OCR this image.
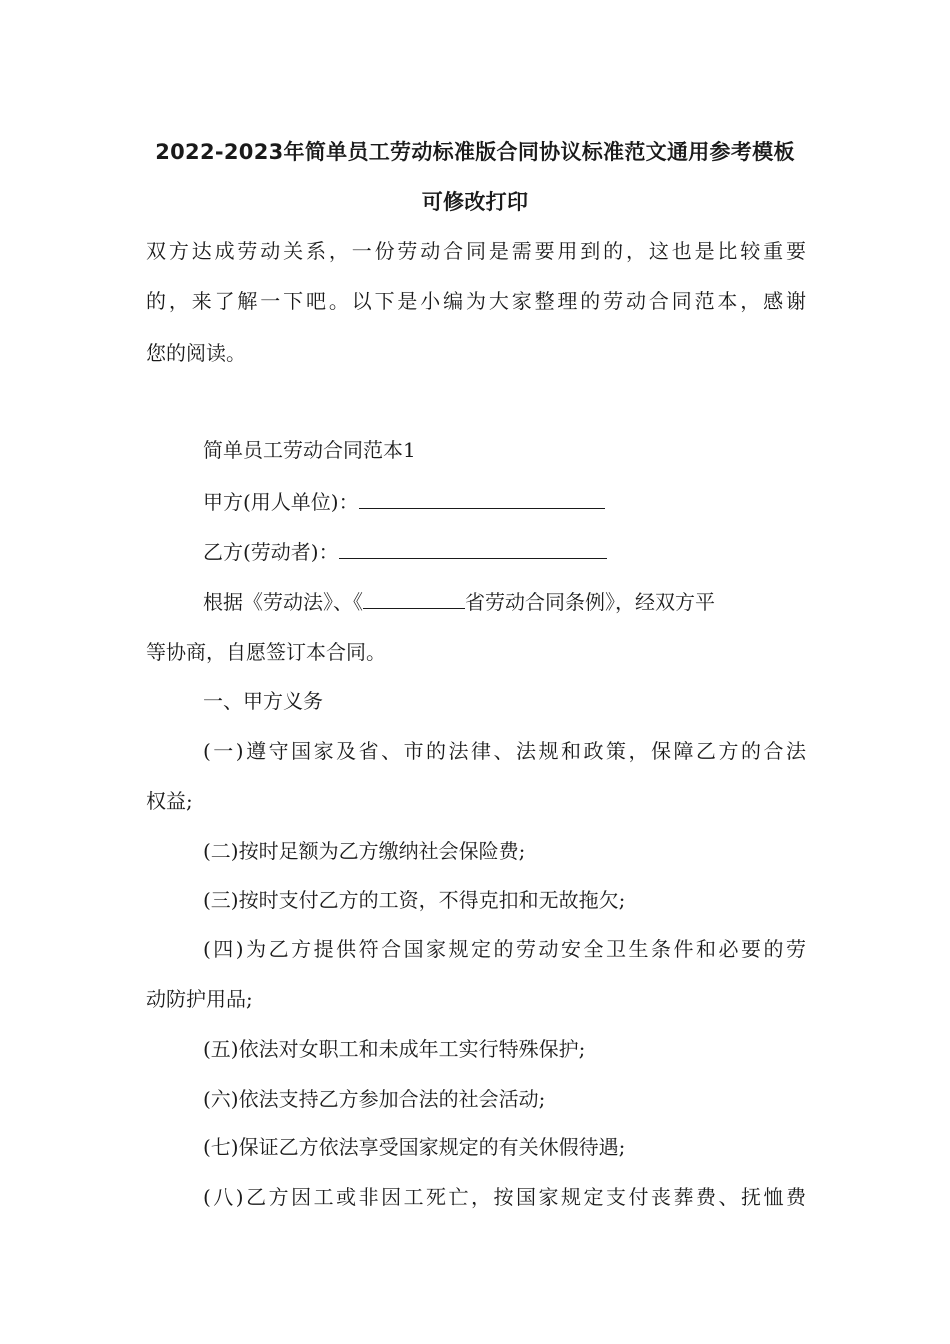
2022-2023年简单员工劳动标准版合同协议标准范文通用参考模板
可修改打印
双方达成劳动关系，一份劳动合同是需要用到的，这也是比较重要
的，来了解一下吧。以下是小编为大家整理的劳动合同范本，感谢
您的阅读。
简单员工劳动合同范本1
甲方(用人单位)：
乙方(劳动者)：
根据《劳动法》、《	省劳动合同条例》，经双方平
等协商，自愿签订本合同。
一、甲方义务
(一)遵守国家及省、市的法律、法规和政策，保障乙方的合法
权益;
(二)按时足额为乙方缴纳社会保险费;
(三)按时支付乙方的工资，不得克扣和无故拖欠;
(四)为乙方提供符合国家规定的劳动安全卫生条件和必要的劳
动防护用品;
(五)依法对女职工和未成年工实行特殊保护;
(六)依法支持乙方参加合法的社会活动;
(七)保证乙方依法享受国家规定的有关休假待遇;
(八)乙方因工或非因工死亡，按国家规定支付丧葬费、抚恤费
